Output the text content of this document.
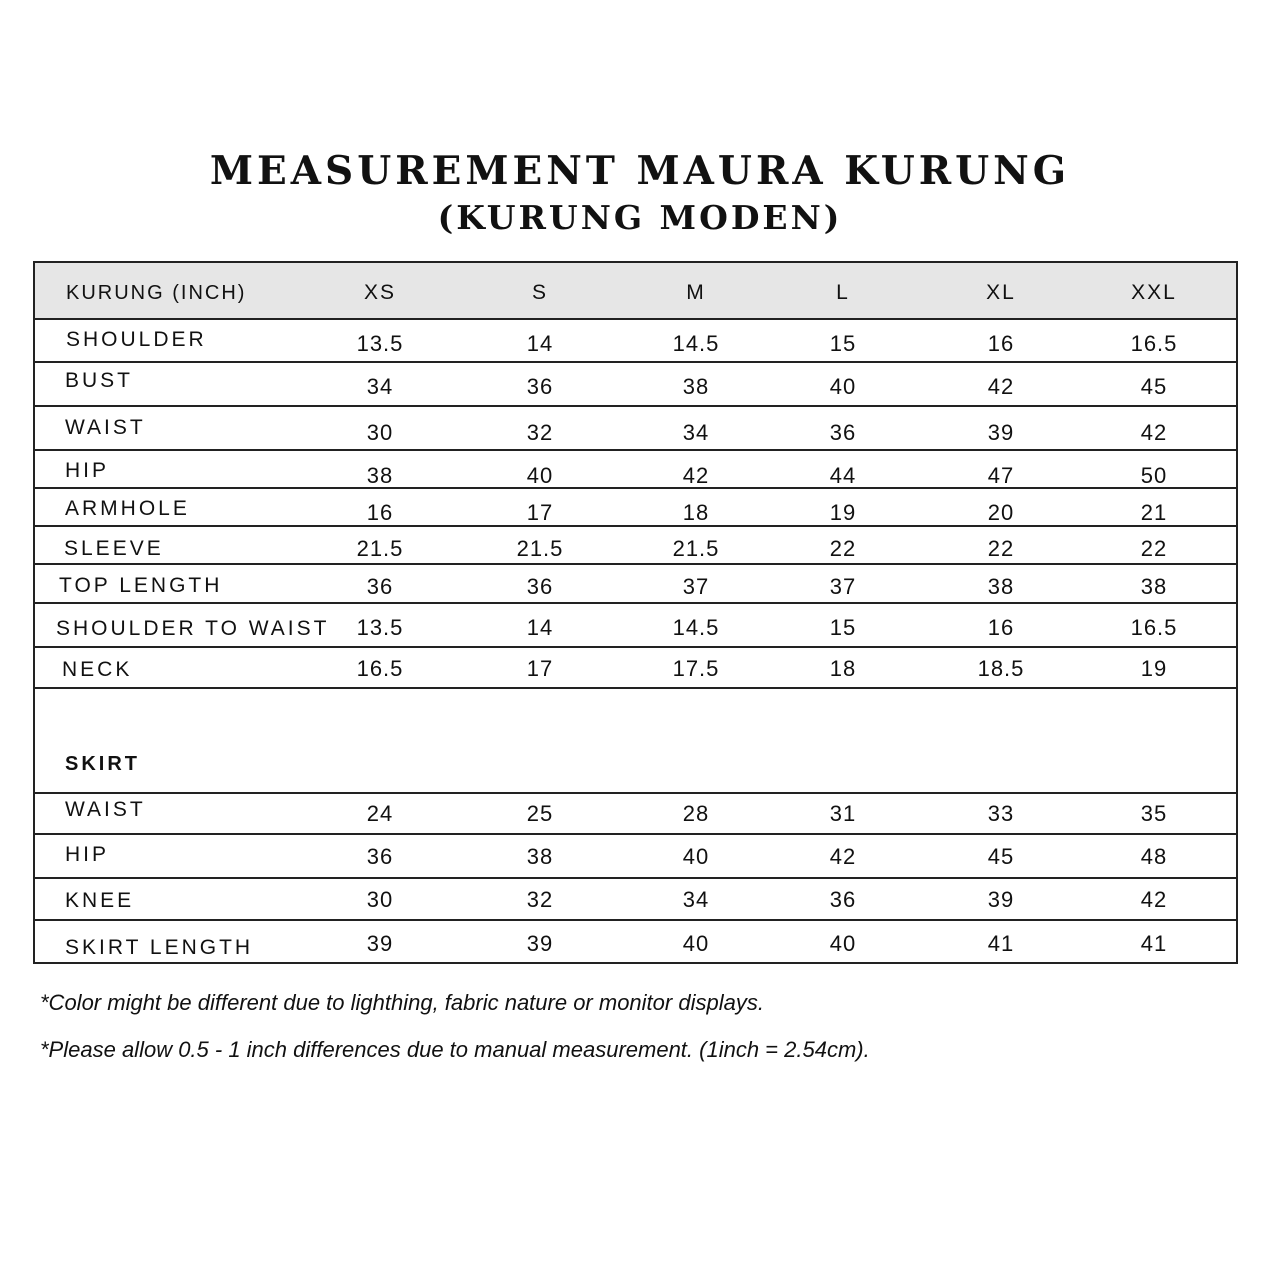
MEASUREMENT MAURA KURUNG
(KURUNG MODEN)
KURUNG (INCH)	XS	S	M	L	XL	XXL
SHOULDER	13.5	14	14.5	15	16	16.5
BUST	34	36	38	40	42	45
WAIST	30	32	34	36	39	42
HIP	38	40	42	44	47	50
ARMHOLE	16	17	18	19	20	21
SLEEVE	21.5	21.5	21.5	22	22	22
TOP LENGTH	36	36	37	37	38	38
SHOULDER TO WAIST 13.5	14	14.5	15	16	16.5
NECK	16.5	17	17.5	18	18.5	19
SKIRT
WAIST	24	25	28	31	33	35
HIP	36	38	40	42	45	48
KNEE	30	32	34	36	39	42
SKIRT LENGTH	39	39	40	40	41	41
*Color might be different due to lighthing, fabric nature or monitor displays.
*Please allow 0.5 - 1 inch differences due to manual measurement. (1inch = 2.54cm).
